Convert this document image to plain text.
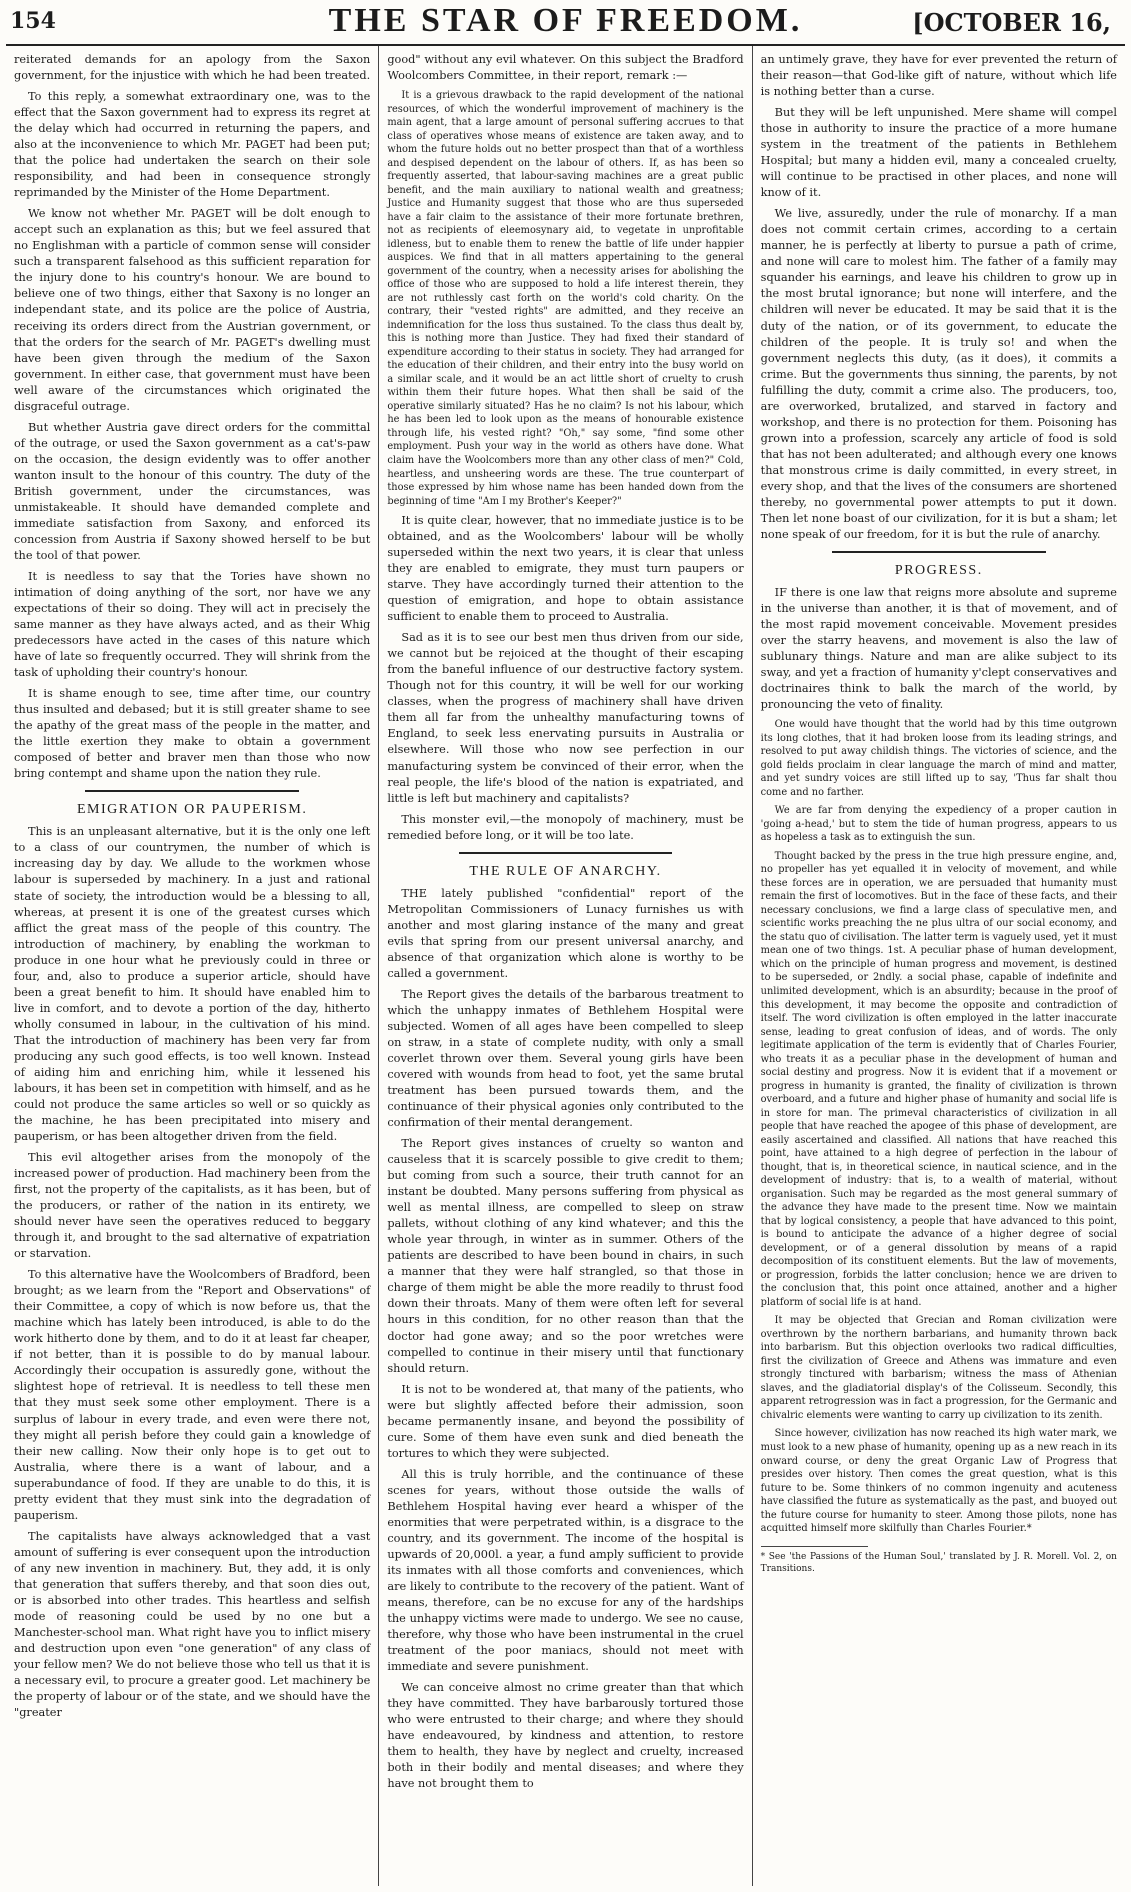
154	THE STAR OF FREEDOM.	[OCTOBER 16,

reiterated demands for an apology from the Saxon government, for the injustice with which he had been treated.

To this reply, a somewhat extraordinary one, was to the effect that the Saxon government had to express its regret at the delay which had occurred in returning the papers, and also at the inconvenience to which Mr. PAGET had been put; that the police had undertaken the search on their sole responsibility, and had been in consequence strongly reprimanded by the Minister of the Home Department.

We know not whether Mr. PAGET will be dolt enough to accept such an explanation as this; but we feel assured that no Englishman with a particle of common sense will consider such a transparent falsehood as this sufficient reparation for the injury done to his country's honour. We are bound to believe one of two things, either that Saxony is no longer an independant state, and its police are the police of Austria, receiving its orders direct from the Austrian government, or that the orders for the search of Mr. PAGET's dwelling must have been given through the medium of the Saxon government. In either case, that government must have been well aware of the circumstances which originated the disgraceful outrage.

But whether Austria gave direct orders for the committal of the outrage, or used the Saxon government as a cat's-paw on the occasion, the design evidently was to offer another wanton insult to the honour of this country. The duty of the British government, under the circumstances, was unmistakeable. It should have demanded complete and immediate satisfaction from Saxony, and enforced its concession from Austria if Saxony showed herself to be but the tool of that power.

It is needless to say that the Tories have shown no intimation of doing anything of the sort, nor have we any expectations of their so doing. They will act in precisely the same manner as they have always acted, and as their Whig predecessors have acted in the cases of this nature which have of late so frequently occurred. They will shrink from the task of upholding their country's honour.

It is shame enough to see, time after time, our country thus insulted and debased; but it is still greater shame to see the apathy of the great mass of the people in the matter, and the little exertion they make to obtain a government composed of better and braver men than those who now bring contempt and shame upon the nation they rule.

EMIGRATION OR PAUPERISM.

This is an unpleasant alternative, but it is the only one left to a class of our countrymen, the number of which is increasing day by day. We allude to the workmen whose labour is superseded by machinery. In a just and rational state of society, the introduction would be a blessing to all, whereas, at present it is one of the greatest curses which afflict the great mass of the people of this country. The introduction of machinery, by enabling the workman to produce in one hour what he previously could in three or four, and, also to produce a superior article, should have been a great benefit to him. It should have enabled him to live in comfort, and to devote a portion of the day, hitherto wholly consumed in labour, in the cultivation of his mind. That the introduction of machinery has been very far from producing any such good effects, is too well known. Instead of aiding him and enriching him, while it lessened his labours, it has been set in competition with himself, and as he could not produce the same articles so well or so quickly as the machine, he has been precipitated into misery and pauperism, or has been altogether driven from the field.

This evil altogether arises from the monopoly of the increased power of production. Had machinery been from the first, not the property of the capitalists, as it has been, but of the producers, or rather of the nation in its entirety, we should never have seen the operatives reduced to beggary through it, and brought to the sad alternative of expatriation or starvation.

To this alternative have the Woolcombers of Bradford, been brought; as we learn from the "Report and Observations" of their Committee, a copy of which is now before us, that the machine which has lately been introduced, is able to do the work hitherto done by them, and to do it at least far cheaper, if not better, than it is possible to do by manual labour. Accordingly their occupation is assuredly gone, without the slightest hope of retrieval. It is needless to tell these men that they must seek some other employment. There is a surplus of labour in every trade, and even were there not, they might all perish before they could gain a knowledge of their new calling. Now their only hope is to get out to Australia, where there is a want of labour, and a superabundance of food. If they are unable to do this, it is pretty evident that they must sink into the degradation of pauperism.

The capitalists have always acknowledged that a vast amount of suffering is ever consequent upon the introduction of any new invention in machinery. But, they add, it is only that generation that suffers thereby, and that soon dies out, or is absorbed into other trades. This heartless and selfish mode of reasoning could be used by no one but a Manchester-school man. What right have you to inflict misery and destruction upon even "one generation" of any class of your fellow men? We do not believe those who tell us that it is a necessary evil, to procure a greater good. Let machinery be the property of labour or of the state, and we should have the "greater

good" without any evil whatever. On this subject the Bradford Woolcombers Committee, in their report, remark :—

It is a grievous drawback to the rapid development of the national resources, of which the wonderful improvement of machinery is the main agent, that a large amount of personal suffering accrues to that class of operatives whose means of existence are taken away, and to whom the future holds out no better prospect than that of a worthless and despised dependent on the labour of others. If, as has been so frequently asserted, that labour-saving machines are a great public benefit, and the main auxiliary to national wealth and greatness; Justice and Humanity suggest that those who are thus superseded have a fair claim to the assistance of their more fortunate brethren, not as recipients of eleemosynary aid, to vegetate in unprofitable idleness, but to enable them to renew the battle of life under happier auspices. We find that in all matters appertaining to the general government of the country, when a necessity arises for abolishing the office of those who are supposed to hold a life interest therein, they are not ruthlessly cast forth on the world's cold charity. On the contrary, their "vested rights" are admitted, and they receive an indemnification for the loss thus sustained. To the class thus dealt by, this is nothing more than Justice. They had fixed their standard of expenditure according to their status in society. They had arranged for the education of their children, and their entry into the busy world on a similar scale, and it would be an act little short of cruelty to crush within them their future hopes. What then shall be said of the operative similarly situated? Has he no claim? Is not his labour, which he has been led to look upon as the means of honourable existence through life, his vested right? "Oh," say some, "find some other employment. Push your way in the world as others have done. What claim have the Woolcombers more than any other class of men?" Cold, heartless, and unsheering words are these. The true counterpart of those expressed by him whose name has been handed down from the beginning of time "Am I my Brother's Keeper?"

It is quite clear, however, that no immediate justice is to be obtained, and as the Woolcombers' labour will be wholly superseded within the next two years, it is clear that unless they are enabled to emigrate, they must turn paupers or starve. They have accordingly turned their attention to the question of emigration, and hope to obtain assistance sufficient to enable them to proceed to Australia.

Sad as it is to see our best men thus driven from our side, we cannot but be rejoiced at the thought of their escaping from the baneful influence of our destructive factory system. Though not for this country, it will be well for our working classes, when the progress of machinery shall have driven them all far from the unhealthy manufacturing towns of England, to seek less enervating pursuits in Australia or elsewhere. Will those who now see perfection in our manufacturing system be convinced of their error, when the real people, the life's blood of the nation is expatriated, and little is left but machinery and capitalists?

This monster evil,—the monopoly of machinery, must be remedied before long, or it will be too late.

THE RULE OF ANARCHY.

THE lately published "confidential" report of the Metropolitan Commissioners of Lunacy furnishes us with another and most glaring instance of the many and great evils that spring from our present universal anarchy, and absence of that organization which alone is worthy to be called a government.

The Report gives the details of the barbarous treatment to which the unhappy inmates of Bethlehem Hospital were subjected. Women of all ages have been compelled to sleep on straw, in a state of complete nudity, with only a small coverlet thrown over them. Several young girls have been covered with wounds from head to foot, yet the same brutal treatment has been pursued towards them, and the continuance of their physical agonies only contributed to the confirmation of their mental derangement.

The Report gives instances of cruelty so wanton and causeless that it is scarcely possible to give credit to them; but coming from such a source, their truth cannot for an instant be doubted. Many persons suffering from physical as well as mental illness, are compelled to sleep on straw pallets, without clothing of any kind whatever; and this the whole year through, in winter as in summer. Others of the patients are described to have been bound in chairs, in such a manner that they were half strangled, so that those in charge of them might be able the more readily to thrust food down their throats. Many of them were often left for several hours in this condition, for no other reason than that the doctor had gone away; and so the poor wretches were compelled to continue in their misery until that functionary should return.

It is not to be wondered at, that many of the patients, who were but slightly affected before their admission, soon became permanently insane, and beyond the possibility of cure. Some of them have even sunk and died beneath the tortures to which they were subjected.

All this is truly horrible, and the continuance of these scenes for years, without those outside the walls of Bethlehem Hospital having ever heard a whisper of the enormities that were perpetrated within, is a disgrace to the country, and its government. The income of the hospital is upwards of 20,000l. a year, a fund amply sufficient to provide its inmates with all those comforts and conveniences, which are likely to contribute to the recovery of the patient. Want of means, therefore, can be no excuse for any of the hardships the unhappy victims were made to undergo. We see no cause, therefore, why those who have been instrumental in the cruel treatment of the poor maniacs, should not meet with immediate and severe punishment.

We can conceive almost no crime greater than that which they have committed. They have barbarously tortured those who were entrusted to their charge; and where they should have endeavoured, by kindness and attention, to restore them to health, they have by neglect and cruelty, increased both in their bodily and mental diseases; and where they have not brought them to

an untimely grave, they have for ever prevented the return of their reason—that God-like gift of nature, without which life is nothing better than a curse.

But they will be left unpunished. Mere shame will compel those in authority to insure the practice of a more humane system in the treatment of the patients in Bethlehem Hospital; but many a hidden evil, many a concealed cruelty, will continue to be practised in other places, and none will know of it.

We live, assuredly, under the rule of monarchy. If a man does not commit certain crimes, according to a certain manner, he is perfectly at liberty to pursue a path of crime, and none will care to molest him. The father of a family may squander his earnings, and leave his children to grow up in the most brutal ignorance; but none will interfere, and the children will never be educated. It may be said that it is the duty of the nation, or of its government, to educate the children of the people. It is truly so! and when the government neglects this duty, (as it does), it commits a crime. But the governments thus sinning, the parents, by not fulfilling the duty, commit a crime also. The producers, too, are overworked, brutalized, and starved in factory and workshop, and there is no protection for them. Poisoning has grown into a profession, scarcely any article of food is sold that has not been adulterated; and although every one knows that monstrous crime is daily committed, in every street, in every shop, and that the lives of the consumers are shortened thereby, no governmental power attempts to put it down. Then let none boast of our civilization, for it is but a sham; let none speak of our freedom, for it is but the rule of anarchy.

PROGRESS.

IF there is one law that reigns more absolute and supreme in the universe than another, it is that of movement, and of the most rapid movement conceivable. Movement presides over the starry heavens, and movement is also the law of sublunary things. Nature and man are alike subject to its sway, and yet a fraction of humanity y'clept conservatives and doctrinaires think to balk the march of the world, by pronouncing the veto of finality.

One would have thought that the world had by this time outgrown its long clothes, that it had broken loose from its leading strings, and resolved to put away childish things. The victories of science, and the gold fields proclaim in clear language the march of mind and matter, and yet sundry voices are still lifted up to say, 'Thus far shalt thou come and no farther.

We are far from denying the expediency of a proper caution in 'going a-head,' but to stem the tide of human progress, appears to us as hopeless a task as to extinguish the sun.

Thought backed by the press in the true high pressure engine, and, no propeller has yet equalled it in velocity of movement, and while these forces are in operation, we are persuaded that humanity must remain the first of locomotives. But in the face of these facts, and their necessary conclusions, we find a large class of speculative men, and scientific works preaching the ne plus ultra of our social economy, and the statu quo of civilisation. The latter term is vaguely used, yet it must mean one of two things. 1st. A peculiar phase of human development, which on the principle of human progress and movement, is destined to be superseded, or 2ndly. a social phase, capable of indefinite and unlimited development, which is an absurdity; because in the proof of this development, it may become the opposite and contradiction of itself. The word civilization is often employed in the latter inaccurate sense, leading to great confusion of ideas, and of words. The only legitimate application of the term is evidently that of Charles Fourier, who treats it as a peculiar phase in the development of human and social destiny and progress. Now it is evident that if a movement or progress in humanity is granted, the finality of civilization is thrown overboard, and a future and higher phase of humanity and social life is in store for man. The primeval characteristics of civilization in all people that have reached the apogee of this phase of development, are easily ascertained and classified. All nations that have reached this point, have attained to a high degree of perfection in the labour of thought, that is, in theoretical science, in nautical science, and in the development of industry: that is, to a wealth of material, without organisation. Such may be regarded as the most general summary of the advance they have made to the present time. Now we maintain that by logical consistency, a people that have advanced to this point, is bound to anticipate the advance of a higher degree of social development, or of a general dissolution by means of a rapid decomposition of its constituent elements. But the law of movements, or progression, forbids the latter conclusion; hence we are driven to the conclusion that, this point once attained, another and a higher platform of social life is at hand.

It may be objected that Grecian and Roman civilization were overthrown by the northern barbarians, and humanity thrown back into barbarism. But this objection overlooks two radical difficulties, first the civilization of Greece and Athens was immature and even strongly tinctured with barbarism; witness the mass of Athenian slaves, and the gladiatorial display's of the Colisseum. Secondly, this apparent retrogression was in fact a progression, for the Germanic and chivalric elements were wanting to carry up civilization to its zenith.

Since however, civilization has now reached its high water mark, we must look to a new phase of humanity, opening up as a new reach in its onward course, or deny the great Organic Law of Progress that presides over history. Then comes the great question, what is this future to be. Some thinkers of no common ingenuity and acuteness have classified the future as systematically as the past, and buoyed out the future course for humanity to steer. Among those pilots, none has acquitted himself more skilfully than Charles Fourier.*

* See 'the Passions of the Human Soul,' translated by J. R. Morell. Vol. 2, on Transitions.
